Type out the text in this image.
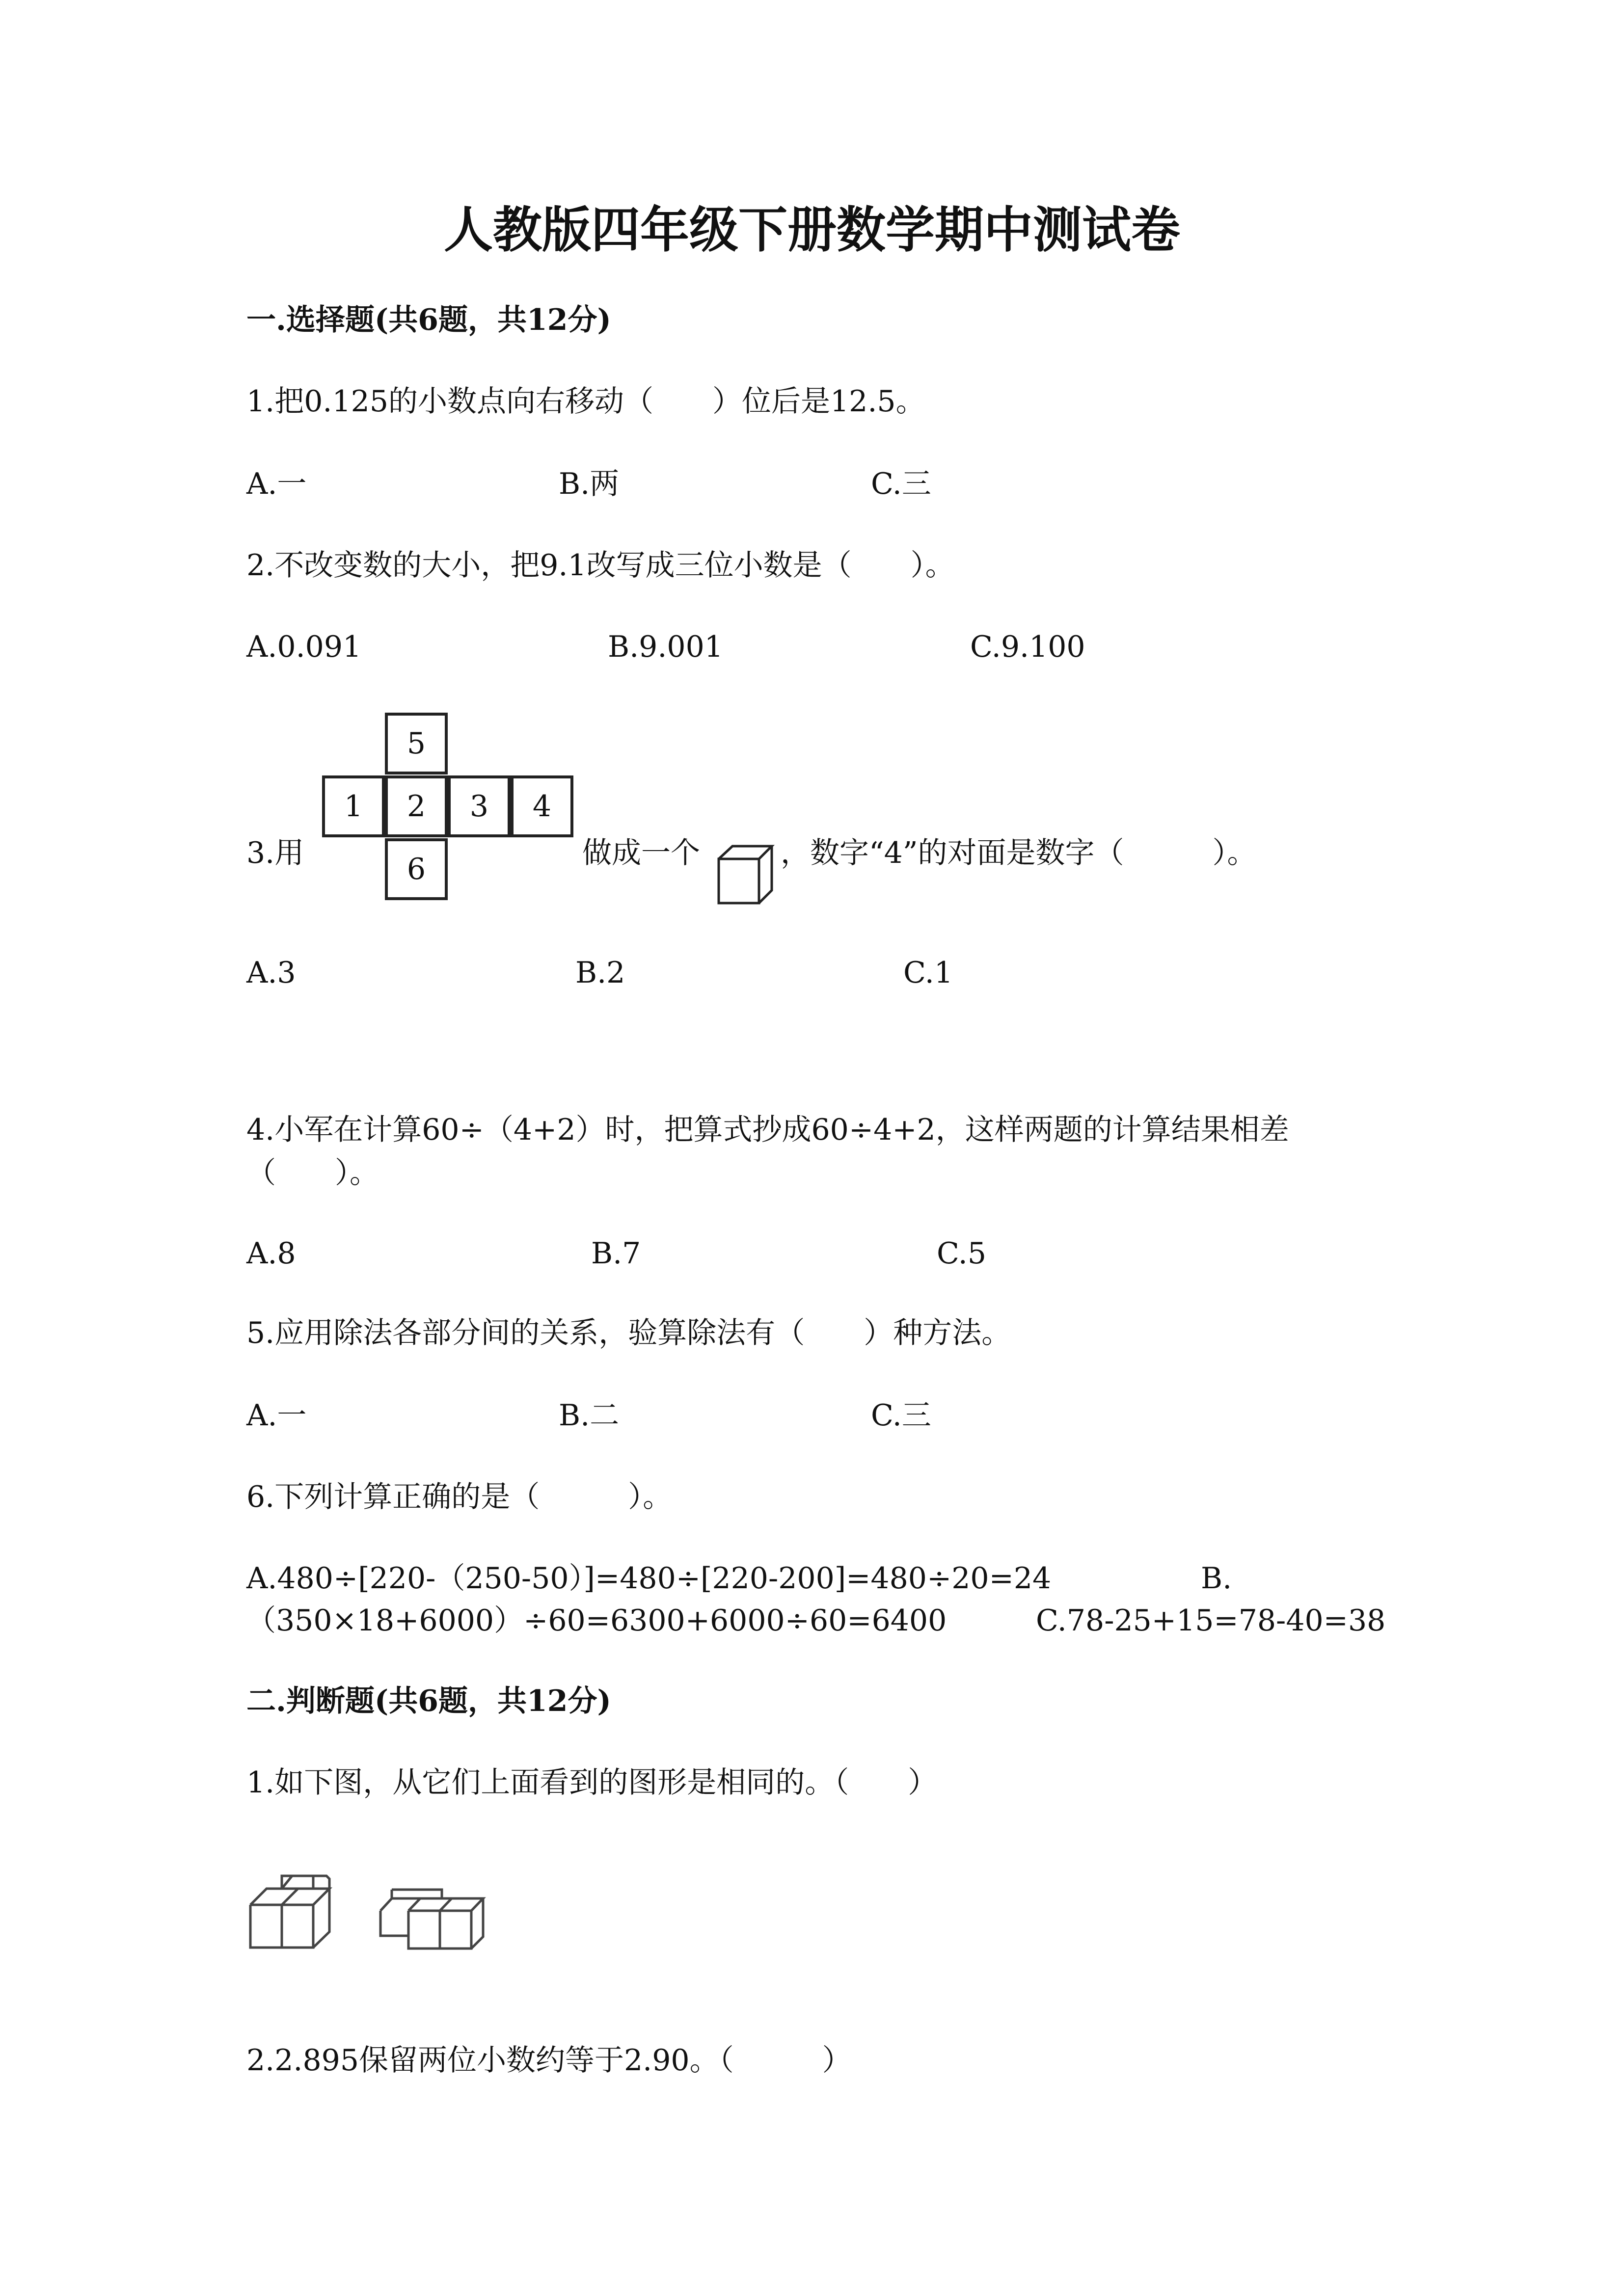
人教版四年级下册数学期中测试卷
一.选择题(共6题，共12分)
1.把0.125的小数点向右移动（　　）位后是12.5。
A.一	B.两	C.三
2.不改变数的大小，把9.1改写成三位小数是（　　）。
A.0.091	B.9.001	C.9.100
3.用
5
1	2	3	4
6	做成一个	，数字“4”的对面是数字（　　　）。
A.3	B.2	C.1
4.小军在计算60÷（4+2）时，把算式抄成60÷4+2，这样两题的计算结果相差
（　　）。
A.8	B.7	C.5
5.应用除法各部分间的关系，验算除法有（　　）种方法。
A.一	B.二	C.三
6.下列计算正确的是（　　　）。
A.480÷[220-（250-50）]=480÷[220-200]=480÷20=24	B.
（350×18+6000）÷60=6300+6000÷60=6400	C.78-25+15=78-40=38
二.判断题(共6题，共12分)
1.如下图，从它们上面看到的图形是相同的。（　　）
2.2.895保留两位小数约等于2.90。（　　　）
